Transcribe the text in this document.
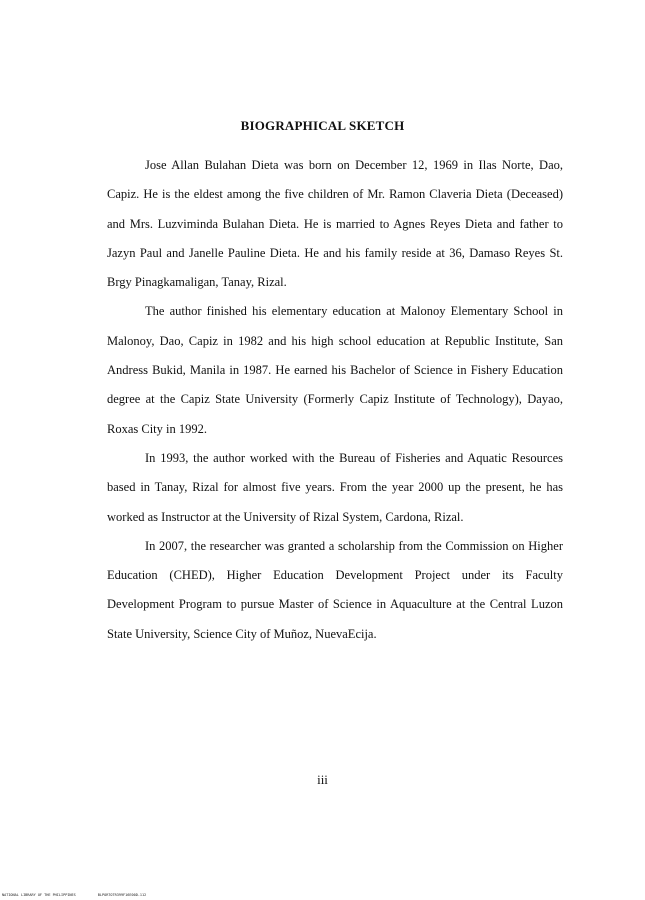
BIOGRAPHICAL SKETCH

Jose Allan Bulahan Dieta was born on December 12, 1969 in Ilas Norte, Dao, Capiz. He is the eldest among the five children of Mr. Ramon Claveria Dieta (Deceased) and Mrs. Luzviminda Bulahan Dieta. He is married to Agnes Reyes Dieta and father to Jazyn Paul and Janelle Pauline Dieta. He and his family reside at 36, Damaso Reyes St. Brgy Pinagkamaligan, Tanay, Rizal.

The author finished his elementary education at Malonoy Elementary School in Malonoy, Dao, Capiz in 1982 and his high school education at Republic Institute, San Andress Bukid, Manila in 1987. He earned his Bachelor of Science in Fishery Education degree at the Capiz State University (Formerly Capiz Institute of Technology), Dayao, Roxas City in 1992.

In 1993, the author worked with the Bureau of Fisheries and Aquatic Resources based in Tanay, Rizal for almost five years. From the year 2000 up the present, he has worked as Instructor at the University of Rizal System, Cardona, Rizal.

In 2007, the researcher was granted a scholarship from the Commission on Higher Education (CHED), Higher Education Development Project under its Faculty Development Program to pursue Master of Science in Aquaculture at the Central Luzon State University, Science City of Muñoz, NuevaEcija.

iii
NATIONAL LIBRARY OF THE PHILIPPINES	BLPORTOTR399F16E00D-112
